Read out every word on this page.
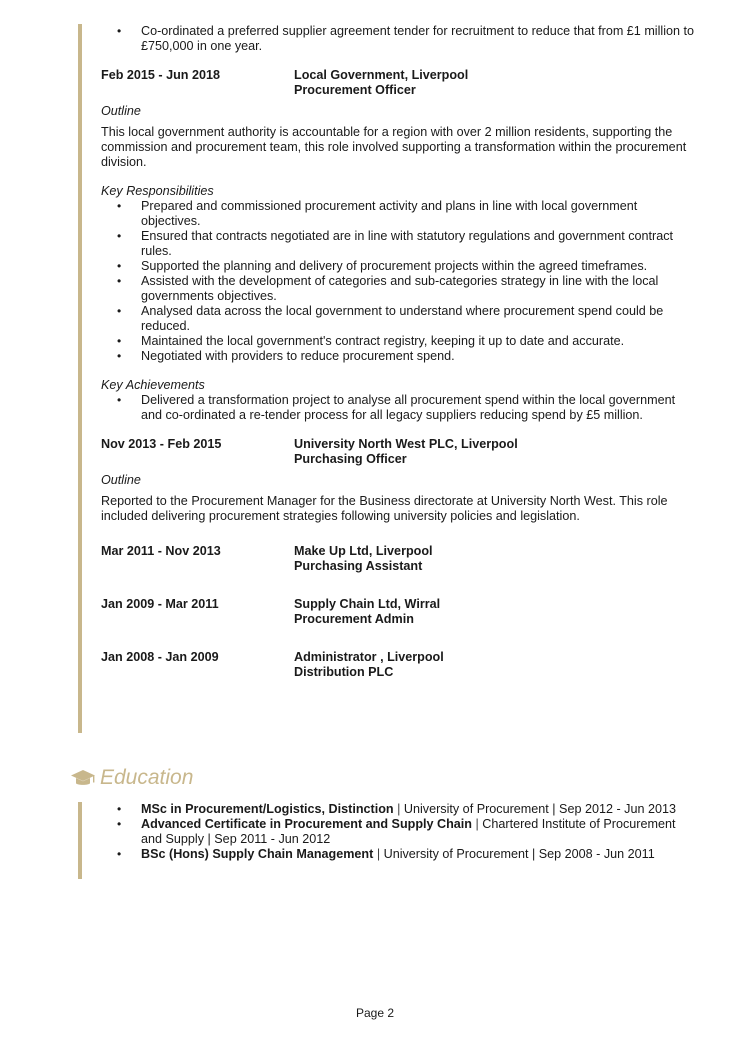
• Co-ordinated a preferred supplier agreement tender for recruitment to reduce that from £1 million to £750,000 in one year.
Feb 2015 - Jun 2018	Local Government, Liverpool
Procurement Officer
Outline
This local government authority is accountable for a region with over 2 million residents, supporting the commission and procurement team, this role involved supporting a transformation within the procurement division.
Key Responsibilities
• Prepared and commissioned procurement activity and plans in line with local government objectives.
• Ensured that contracts negotiated are in line with statutory regulations and government contract rules.
• Supported the planning and delivery of procurement projects within the agreed timeframes.
• Assisted with the development of categories and sub-categories strategy in line with the local governments objectives.
• Analysed data across the local government to understand where procurement spend could be reduced.
• Maintained the local government's contract registry, keeping it up to date and accurate.
• Negotiated with providers to reduce procurement spend.
Key Achievements
• Delivered a transformation project to analyse all procurement spend within the local government and co-ordinated a re-tender process for all legacy suppliers reducing spend by £5 million.
Nov 2013 - Feb 2015	University North West PLC, Liverpool
Purchasing Officer
Outline
Reported to the Procurement Manager for the Business directorate at University North West. This role included delivering procurement strategies following university policies and legislation.
Mar 2011 - Nov 2013	Make Up Ltd, Liverpool
Purchasing Assistant
Jan 2009 - Mar 2011	Supply Chain Ltd, Wirral
Procurement Admin
Jan 2008 - Jan 2009	Administrator , Liverpool
Distribution PLC
Education
• MSc in Procurement/Logistics, Distinction | University of Procurement | Sep 2012 - Jun 2013
• Advanced Certificate in Procurement and Supply Chain | Chartered Institute of Procurement and Supply | Sep 2011 - Jun 2012
• BSc (Hons) Supply Chain Management | University of Procurement | Sep 2008 - Jun 2011
Page 2
